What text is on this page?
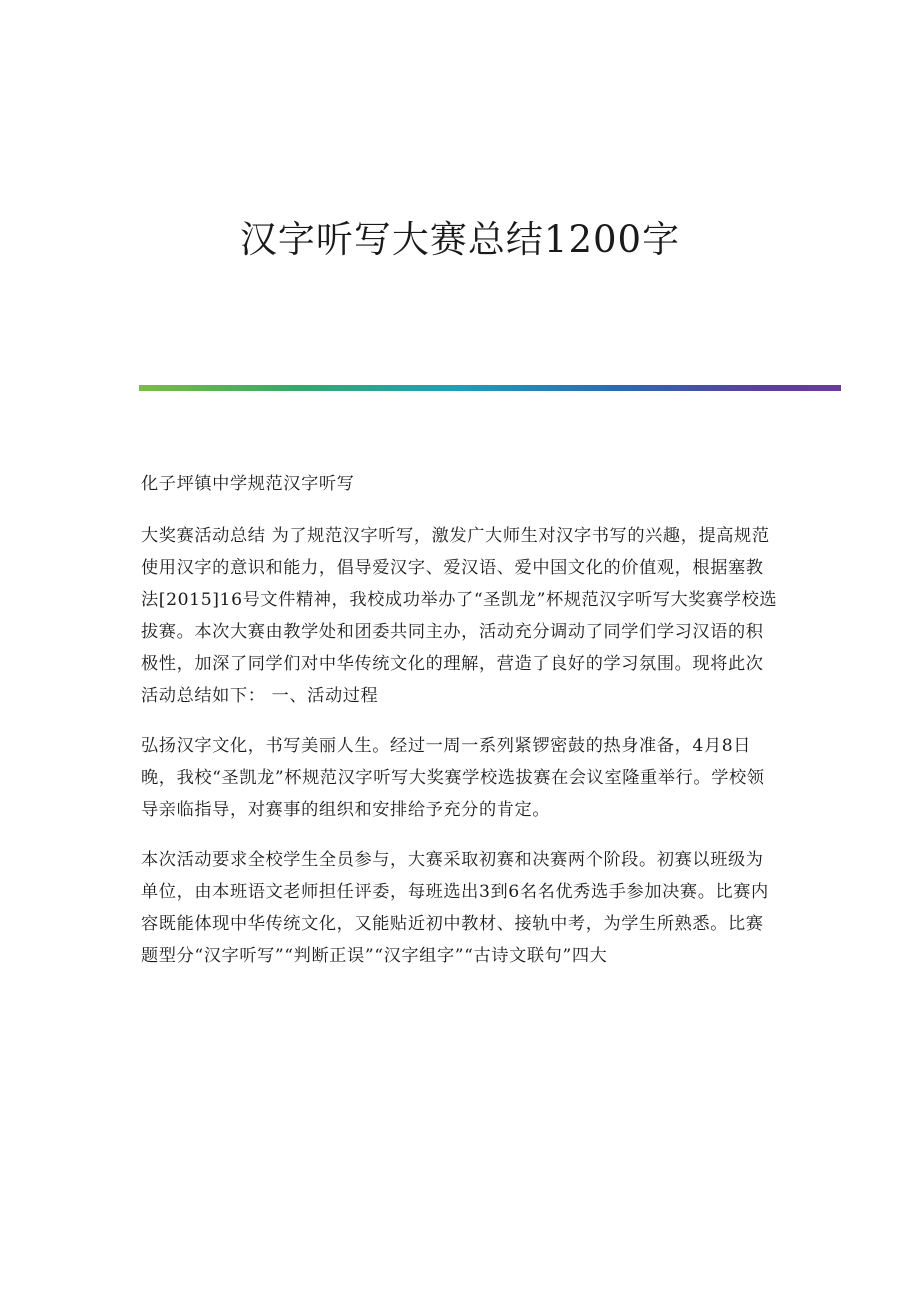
汉字听写大赛总结1200字

化子坪镇中学规范汉字听写

大奖赛活动总结 为了规范汉字听写，激发广大师生对汉字书写的兴趣，提高规范使用汉字的意识和能力，倡导爱汉字、爱汉语、爱中国文化的价值观，根据塞教法[2015]16号文件精神，我校成功举办了“圣凯龙”杯规范汉字听写大奖赛学校选拔赛。本次大赛由教学处和团委共同主办，活动充分调动了同学们学习汉语的积极性，加深了同学们对中华传统文化的理解，营造了良好的学习氛围。现将此次活动总结如下： 一、活动过程

弘扬汉字文化，书写美丽人生。经过一周一系列紧锣密鼓的热身准备，4月8日晚，我校“圣凯龙”杯规范汉字听写大奖赛学校选拔赛在会议室隆重举行。学校领导亲临指导，对赛事的组织和安排给予充分的肯定。

本次活动要求全校学生全员参与，大赛采取初赛和决赛两个阶段。初赛以班级为单位，由本班语文老师担任评委，每班选出3到6名名优秀选手参加决赛。比赛内容既能体现中华传统文化，又能贴近初中教材、接轨中考，为学生所熟悉。比赛题型分“汉字听写”“判断正误”“汉字组字”“古诗文联句”四大
